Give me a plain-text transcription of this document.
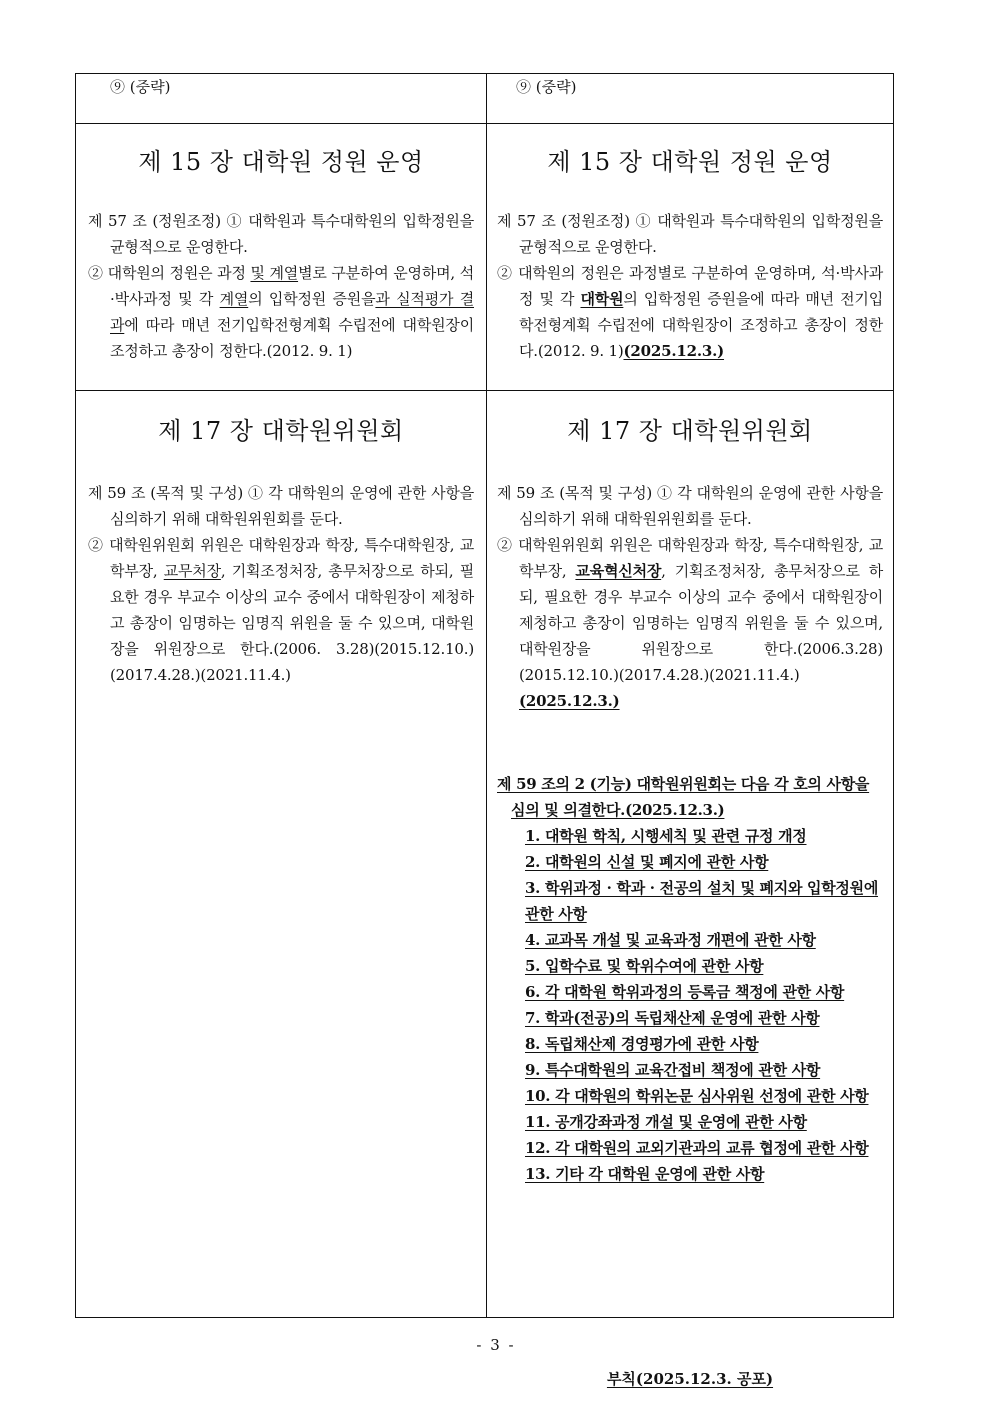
⑨ (중략)	⑨ (중략)
제 15 장 대학원 정원 운영
제 57 조 (정원조정) ① 대학원과 특수대학원의 입학정원을 균형적으로 운영한다.
② 대학원의 정원은 과정 및 계열별로 구분하여 운영하며, 석·박사과정 및 각 계열의 입학정원 증원을과 실적평가 결과에 따라 매년 전기입학전형계획 수립전에 대학원장이 조정하고 총장이 정한다.(2012. 9. 1)
제 15 장 대학원 정원 운영
제 57 조 (정원조정) ① 대학원과 특수대학원의 입학정원을 균형적으로 운영한다.
② 대학원의 정원은 과정별로 구분하여 운영하며, 석·박사과정 및 각 대학원의 입학정원 증원을에 따라 매년 전기입학전형계획 수립전에 대학원장이 조정하고 총장이 정한다.(2012. 9. 1)(2025.12.3.)
제 17 장 대학원위원회
제 59 조 (목적 및 구성) ① 각 대학원의 운영에 관한 사항을 심의하기 위해 대학원위원회를 둔다.
② 대학원위원회 위원은 대학원장과 학장, 특수대학원장, 교학부장, 교무처장, 기획조정처장, 총무처장으로 하되, 필요한 경우 부교수 이상의 교수 중에서 대학원장이 제청하고 총장이 임명하는 임명직 위원을 둘 수 있으며, 대학원장을 위원장으로 한다.(2006. 3.28)(2015.12.10.)(2017.4.28.)(2021.11.4.)
제 17 장 대학원위원회
제 59 조 (목적 및 구성) ① 각 대학원의 운영에 관한 사항을 심의하기 위해 대학원위원회를 둔다.
② 대학원위원회 위원은 대학원장과 학장, 특수대학원장, 교학부장, 교육혁신처장, 기획조정처장, 총무처장으로 하되, 필요한 경우 부교수 이상의 교수 중에서 대학원장이 제청하고 총장이 임명하는 임명직 위원을 둘 수 있으며, 대학원장을 위원장으로 한다.(2006.3.28)(2015.12.10.)(2017.4.28.)(2021.11.4.)(2025.12.3.)
제 59 조의 2 (기능) 대학원위원회는 다음 각 호의 사항을 심의 및 의결한다.(2025.12.3.)
1. 대학원 학칙, 시행세칙 및 관련 규정 개정
2. 대학원의 신설 및 폐지에 관한 사항
3. 학위과정 · 학과 · 전공의 설치 및 폐지와 입학정원에 관한 사항
4. 교과목 개설 및 교육과정 개편에 관한 사항
5. 입학수료 및 학위수여에 관한 사항
6. 각 대학원 학위과정의 등록금 책정에 관한 사항
7. 학과(전공)의 독립채산제 운영에 관한 사항
8. 독립채산제 경영평가에 관한 사항
9. 특수대학원의 교육간접비 책정에 관한 사항
10. 각 대학원의 학위논문 심사위원 선정에 관한 사항
11. 공개강좌과정 개설 및 운영에 관한 사항
12. 각 대학원의 교외기관과의 교류 협정에 관한 사항
13. 기타 각 대학원 운영에 관한 사항
부칙(2025.12.3. 공포)
- 3 -
